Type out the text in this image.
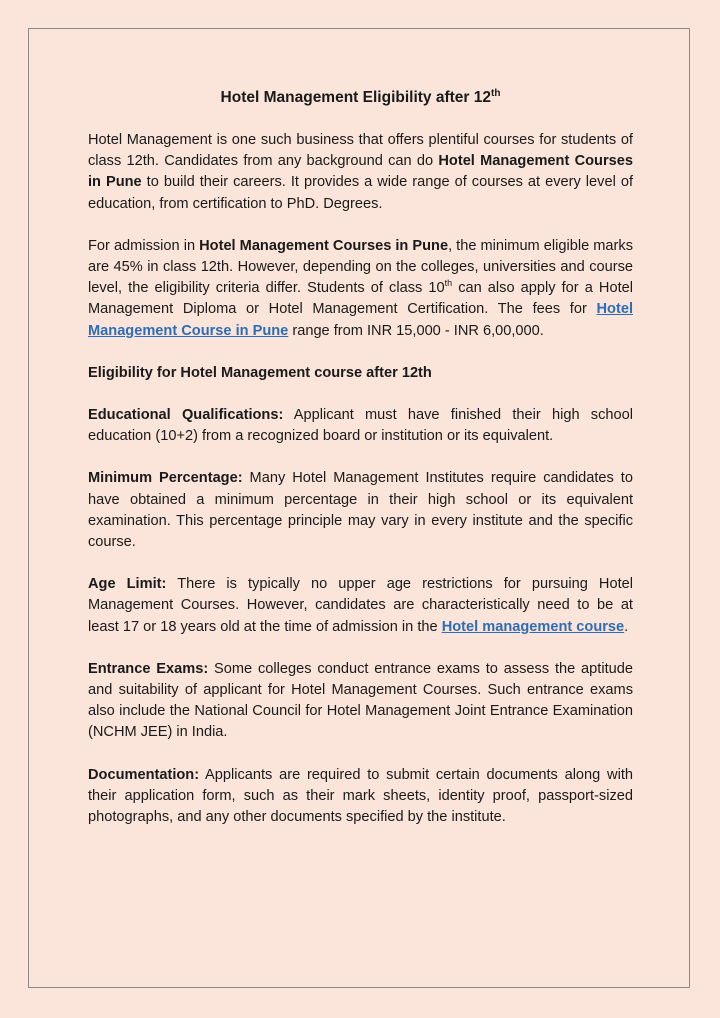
Hotel Management Eligibility after 12th

Hotel Management is one such business that offers plentiful courses for students of class 12th. Candidates from any background can do Hotel Management Courses in Pune to build their careers. It provides a wide range of courses at every level of education, from certification to PhD. Degrees.

For admission in Hotel Management Courses in Pune, the minimum eligible marks are 45% in class 12th. However, depending on the colleges, universities and course level, the eligibility criteria differ. Students of class 10th can also apply for a Hotel Management Diploma or Hotel Management Certification. The fees for Hotel Management Course in Pune range from INR 15,000 - INR 6,00,000.

Eligibility for Hotel Management course after 12th

Educational Qualifications: Applicant must have finished their high school education (10+2) from a recognized board or institution or its equivalent.

Minimum Percentage: Many Hotel Management Institutes require candidates to have obtained a minimum percentage in their high school or its equivalent examination. This percentage principle may vary in every institute and the specific course.

Age Limit: There is typically no upper age restrictions for pursuing Hotel Management Courses. However, candidates are characteristically need to be at least 17 or 18 years old at the time of admission in the Hotel management course.

Entrance Exams: Some colleges conduct entrance exams to assess the aptitude and suitability of applicant for Hotel Management Courses. Such entrance exams also include the National Council for Hotel Management Joint Entrance Examination (NCHM JEE) in India.

Documentation: Applicants are required to submit certain documents along with their application form, such as their mark sheets, identity proof, passport-sized photographs, and any other documents specified by the institute.
